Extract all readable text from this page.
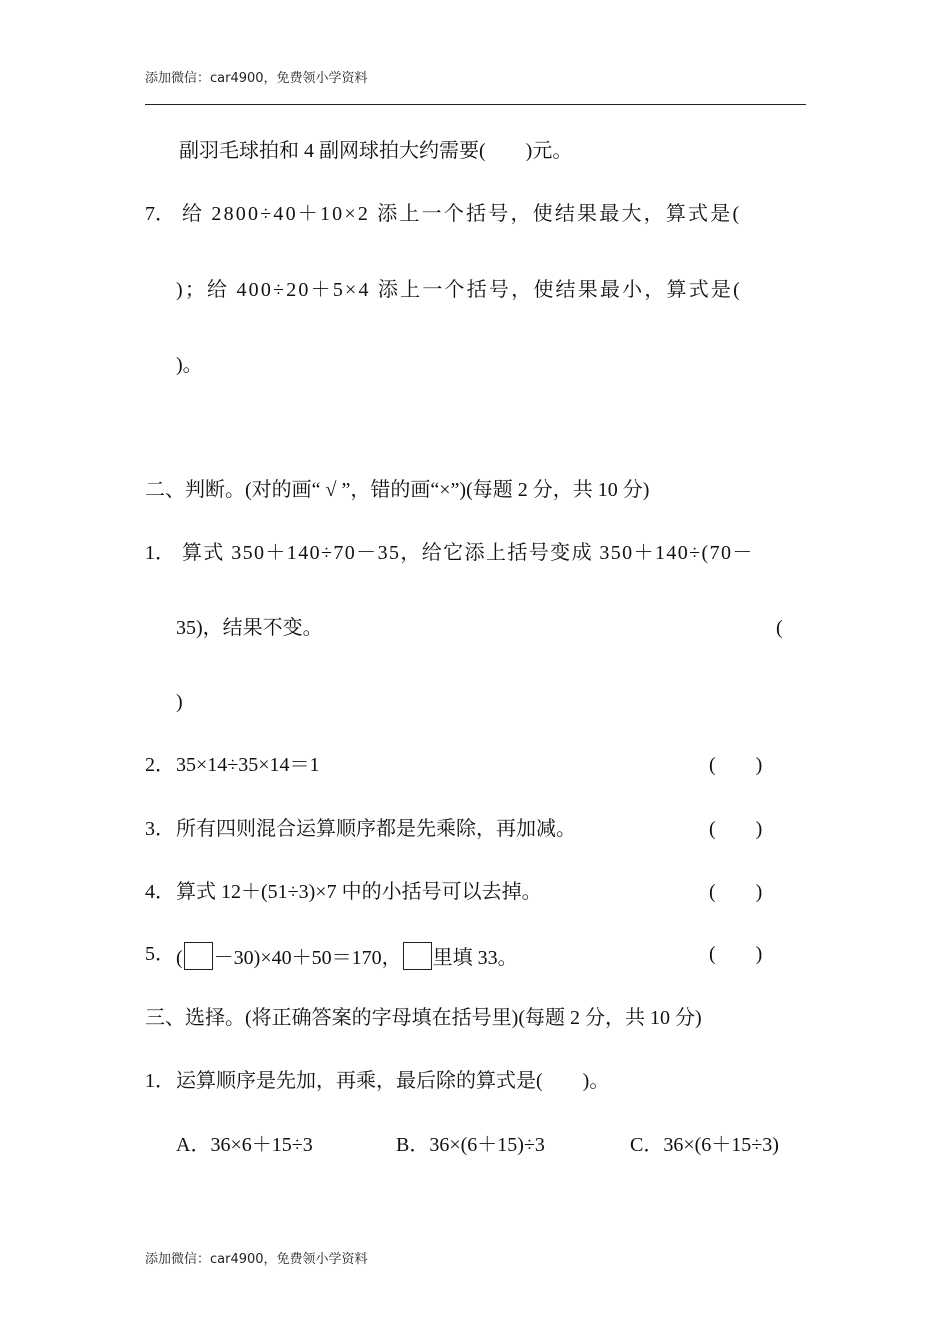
添加微信：car4900，免费领小学资料
副羽毛球拍和 4 副网球拍大约需要(　　)元。
7． 给 2800÷40＋10×2 添上一个括号，使结果最大，算式是(
)；给 400÷20＋5×4 添上一个括号，使结果最小，算式是(
)。
二、判断。(对的画“ √ ”，错的画“×”)(每题 2 分，共 10 分)
1． 算式 350＋140÷70－35，给它添上括号变成 350＋140÷(70－
35)，结果不变。	(
)
2． 35×14÷35×14＝1	(　　)
3． 所有四则混合运算顺序都是先乘除，再加减。	(　　)
4． 算式 12＋(51÷3)×7 中的小括号可以去掉。	(　　)
5． ( －30)×40＋50＝170， 里填 33。	(　　)
三、选择。(将正确答案的字母填在括号里)(每题 2 分，共 10 分)
1． 运算顺序是先加，再乘，最后除的算式是(　　)。
A．36×6＋15÷3	B．36×(6＋15)÷3	C．36×(6＋15÷3)
添加微信：car4900，免费领小学资料
